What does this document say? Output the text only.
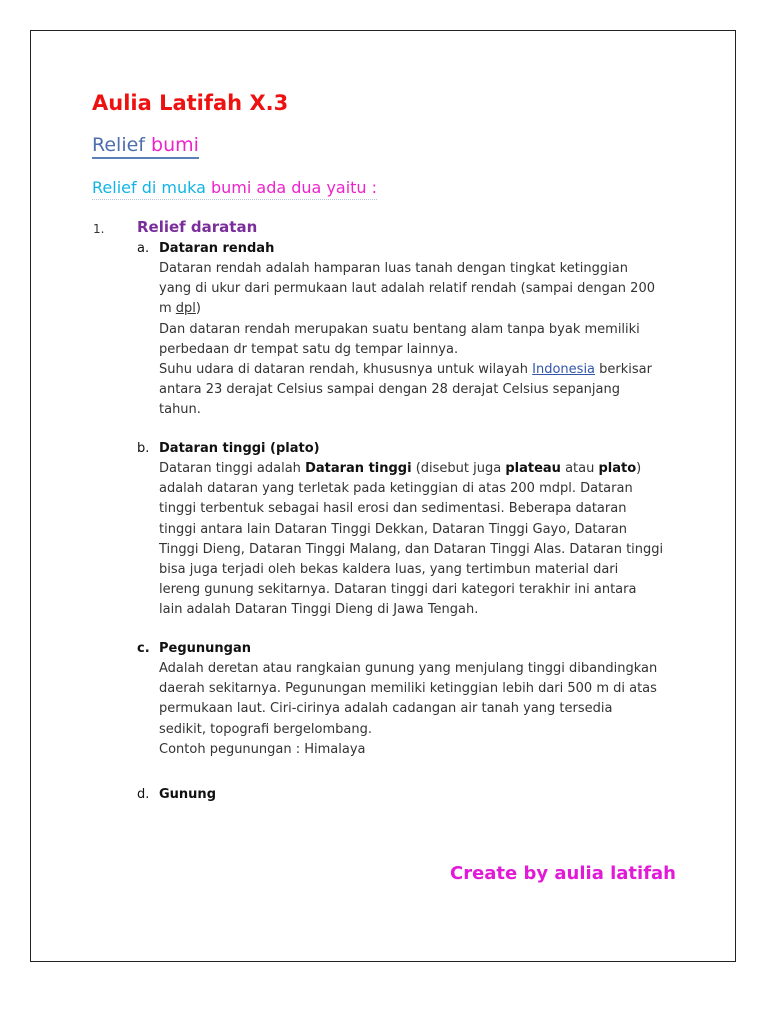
Aulia Latifah X.3
Relief bumi
Relief di muka bumi ada dua yaitu :
1. Relief daratan
a. Dataran rendah
Dataran rendah adalah hamparan luas tanah dengan tingkat ketinggian
yang di ukur dari permukaan laut adalah relatif rendah (sampai dengan 200
m dpl)
Dan dataran rendah merupakan suatu bentang alam tanpa byak memiliki
perbedaan dr tempat satu dg tempar lainnya.
Suhu udara di dataran rendah, khususnya untuk wilayah Indonesia berkisar
antara 23 derajat Celsius sampai dengan 28 derajat Celsius sepanjang
tahun.
b. Dataran tinggi (plato)
Dataran tinggi adalah Dataran tinggi (disebut juga plateau atau plato)
adalah dataran yang terletak pada ketinggian di atas 200 mdpl. Dataran
tinggi terbentuk sebagai hasil erosi dan sedimentasi. Beberapa dataran
tinggi antara lain Dataran Tinggi Dekkan, Dataran Tinggi Gayo, Dataran
Tinggi Dieng, Dataran Tinggi Malang, dan Dataran Tinggi Alas. Dataran tinggi
bisa juga terjadi oleh bekas kaldera luas, yang tertimbun material dari
lereng gunung sekitarnya. Dataran tinggi dari kategori terakhir ini antara
lain adalah Dataran Tinggi Dieng di Jawa Tengah.
c. Pegunungan
Adalah deretan atau rangkaian gunung yang menjulang tinggi dibandingkan
daerah sekitarnya. Pegunungan memiliki ketinggian lebih dari 500 m di atas
permukaan laut. Ciri-cirinya adalah cadangan air tanah yang tersedia
sedikit, topografi bergelombang.
Contoh pegunungan : Himalaya
d. Gunung
Create by aulia latifah
